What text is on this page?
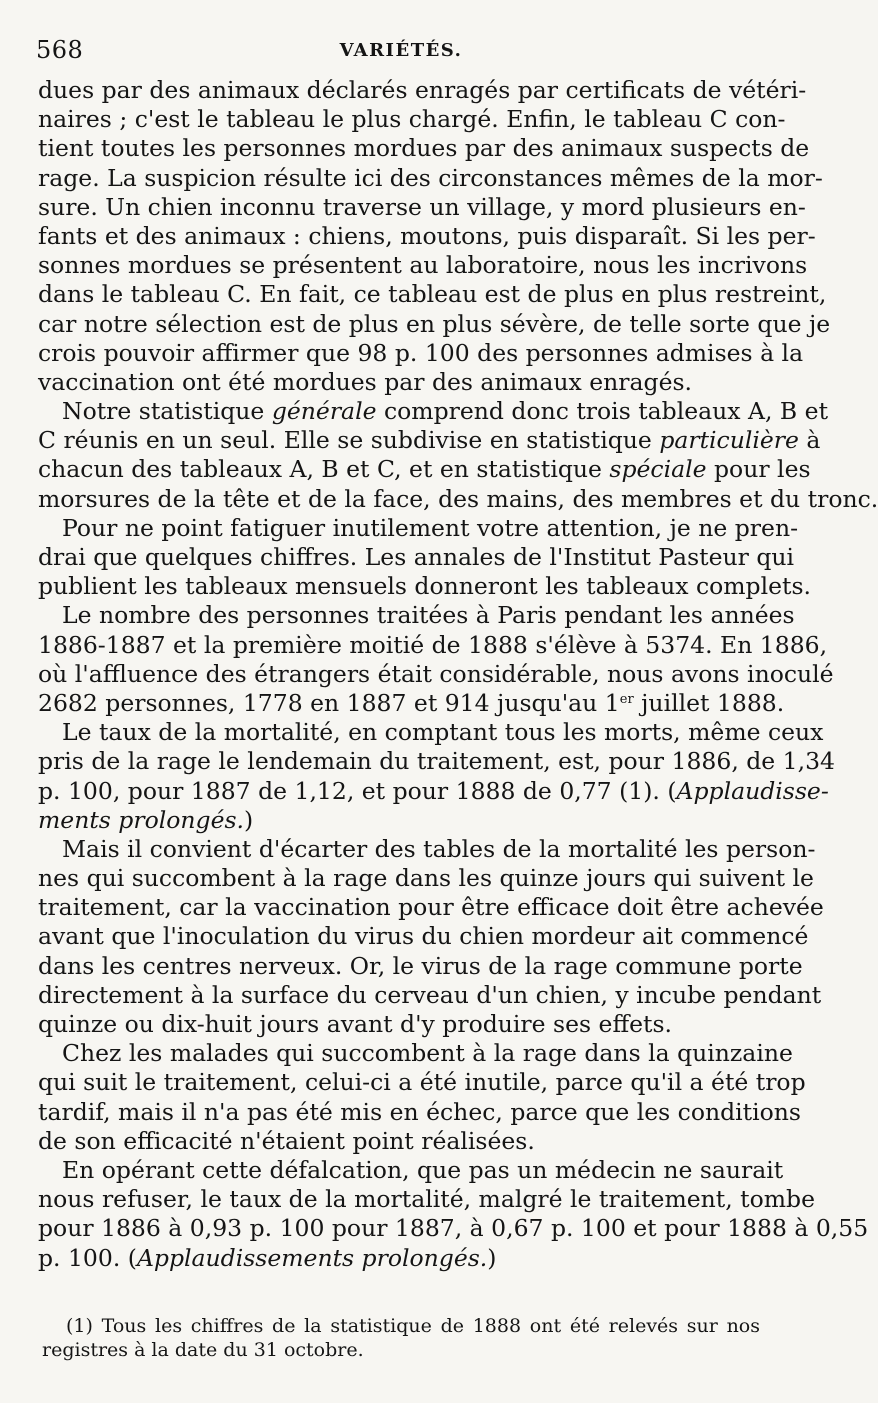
568	VARIÉTÉS.
dues par des animaux déclarés enragés par certificats de vétéri-
naires ; c'est le tableau le plus chargé. Enfin, le tableau C con-
tient toutes les personnes mordues par des animaux suspects de
rage. La suspicion résulte ici des circonstances mêmes de la mor-
sure. Un chien inconnu traverse un village, y mord plusieurs en-
fants et des animaux : chiens, moutons, puis disparaît. Si les per-
sonnes mordues se présentent au laboratoire, nous les incrivons
dans le tableau C. En fait, ce tableau est de plus en plus restreint,
car notre sélection est de plus en plus sévère, de telle sorte que je
crois pouvoir affirmer que 98 p. 100 des personnes admises à la
vaccination ont été mordues par des animaux enragés.
Notre statistique générale comprend donc trois tableaux A, B et
C réunis en un seul. Elle se subdivise en statistique particulière à
chacun des tableaux A, B et C, et en statistique spéciale pour les
morsures de la tête et de la face, des mains, des membres et du tronc.
Pour ne point fatiguer inutilement votre attention, je ne pren-
drai que quelques chiffres. Les annales de l'Institut Pasteur qui
publient les tableaux mensuels donneront les tableaux complets.
Le nombre des personnes traitées à Paris pendant les années
1886-1887 et la première moitié de 1888 s'élève à 5374. En 1886,
où l'affluence des étrangers était considérable, nous avons inoculé
2682 personnes, 1778 en 1887 et 914 jusqu'au 1er juillet 1888.
Le taux de la mortalité, en comptant tous les morts, même ceux
pris de la rage le lendemain du traitement, est, pour 1886, de 1,34
p. 100, pour 1887 de 1,12, et pour 1888 de 0,77 (1). (Applaudisse-
ments prolongés.)
Mais il convient d'écarter des tables de la mortalité les person-
nes qui succombent à la rage dans les quinze jours qui suivent le
traitement, car la vaccination pour être efficace doit être achevée
avant que l'inoculation du virus du chien mordeur ait commencé
dans les centres nerveux. Or, le virus de la rage commune porte
directement à la surface du cerveau d'un chien, y incube pendant
quinze ou dix-huit jours avant d'y produire ses effets.
Chez les malades qui succombent à la rage dans la quinzaine
qui suit le traitement, celui-ci a été inutile, parce qu'il a été trop
tardif, mais il n'a pas été mis en échec, parce que les conditions
de son efficacité n'étaient point réalisées.
En opérant cette défalcation, que pas un médecin ne saurait
nous refuser, le taux de la mortalité, malgré le traitement, tombe
pour 1886 à 0,93 p. 100 pour 1887, à 0,67 p. 100 et pour 1888 à 0,55
p. 100. (Applaudissements prolongés.)
(1) Tous les chiffres de la statistique de 1888 ont été relevés sur nos
registres à la date du 31 octobre.
